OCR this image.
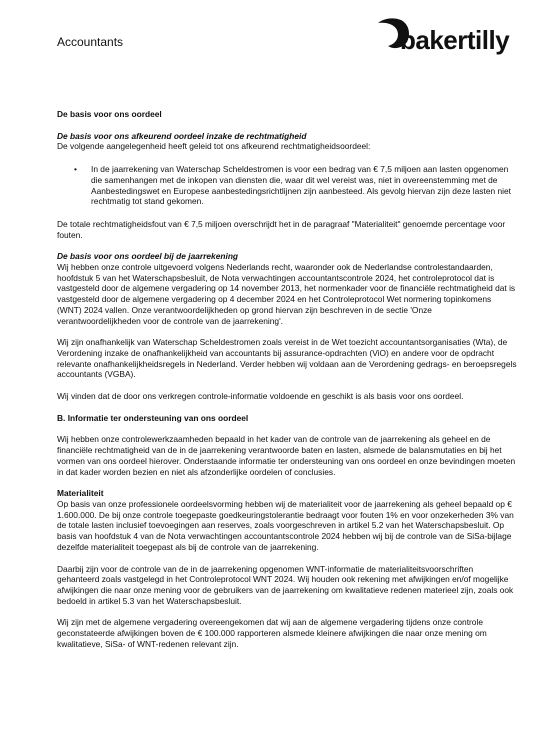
Accountants	bakertilly

De basis voor ons oordeel

De basis voor ons afkeurend oordeel inzake de rechtmatigheid

De volgende aangelegenheid heeft geleid tot ons afkeurend rechtmatigheidsoordeel:

•	In de jaarrekening van Waterschap Scheldestromen is voor een bedrag van € 7,5 miljoen aan lasten opgenomen die samenhangen met de inkopen van diensten die, waar dit wel vereist was, niet in overeenstemming met de Aanbestedingswet en Europese aanbestedingsrichtlijnen zijn aanbesteed. Als gevolg hiervan zijn deze lasten niet rechtmatig tot stand gekomen.

De totale rechtmatigheidsfout van € 7,5 miljoen overschrijdt het in de paragraaf "Materialiteit" genoemde percentage voor fouten.

De basis voor ons oordeel bij de jaarrekening

Wij hebben onze controle uitgevoerd volgens Nederlands recht, waaronder ook de Nederlandse controlestandaarden, hoofdstuk 5 van het Waterschapsbesluit, de Nota verwachtingen accountantscontrole 2024, het controleprotocol dat is vastgesteld door de algemene vergadering op 14 november 2013, het normenkader voor de financiële rechtmatigheid dat is vastgesteld door de algemene vergadering op 4 december 2024 en het Controleprotocol Wet normering topinkomens (WNT) 2024 vallen. Onze verantwoordelijkheden op grond hiervan zijn beschreven in de sectie 'Onze verantwoordelijkheden voor de controle van de jaarrekening'.

Wij zijn onafhankelijk van Waterschap Scheldestromen zoals vereist in de Wet toezicht accountantsorganisaties (Wta), de Verordening inzake de onafhankelijkheid van accountants bij assurance-opdrachten (ViO) en andere voor de opdracht relevante onafhankelijkheidsregels in Nederland. Verder hebben wij voldaan aan de Verordening gedrags- en beroepsregels accountants (VGBA).

Wij vinden dat de door ons verkregen controle-informatie voldoende en geschikt is als basis voor ons oordeel.

B. Informatie ter ondersteuning van ons oordeel

Wij hebben onze controlewerkzaamheden bepaald in het kader van de controle van de jaarrekening als geheel en de financiële rechtmatigheid van de in de jaarrekening verantwoorde baten en lasten, alsmede de balansmutaties en bij het vormen van ons oordeel hierover. Onderstaande informatie ter ondersteuning van ons oordeel en onze bevindingen moeten in dat kader worden bezien en niet als afzonderlijke oordelen of conclusies.

Materialiteit

Op basis van onze professionele oordeelsvorming hebben wij de materialiteit voor de jaarrekening als geheel bepaald op € 1.600.000. De bij onze controle toegepaste goedkeuringstolerantie bedraagt voor fouten 1% en voor onzekerheden 3% van de totale lasten inclusief toevoegingen aan reserves, zoals voorgeschreven in artikel 5.2 van het Waterschapsbesluit. Op basis van hoofdstuk 4 van de Nota verwachtingen accountantscontrole 2024 hebben wij bij de controle van de SiSa-bijlage dezelfde materialiteit toegepast als bij de controle van de jaarrekening.

Daarbij zijn voor de controle van de in de jaarrekening opgenomen WNT-informatie de materialiteitsvoorschriften gehanteerd zoals vastgelegd in het Controleprotocol WNT 2024. Wij houden ook rekening met afwijkingen en/of mogelijke afwijkingen die naar onze mening voor de gebruikers van de jaarrekening om kwalitatieve redenen materieel zijn, zoals ook bedoeld in artikel 5.3 van het Waterschapsbesluit.

Wij zijn met de algemene vergadering overeengekomen dat wij aan de algemene vergadering tijdens onze controle geconstateerde afwijkingen boven de € 100.000 rapporteren alsmede kleinere afwijkingen die naar onze mening om kwalitatieve, SiSa- of WNT-redenen relevant zijn.
